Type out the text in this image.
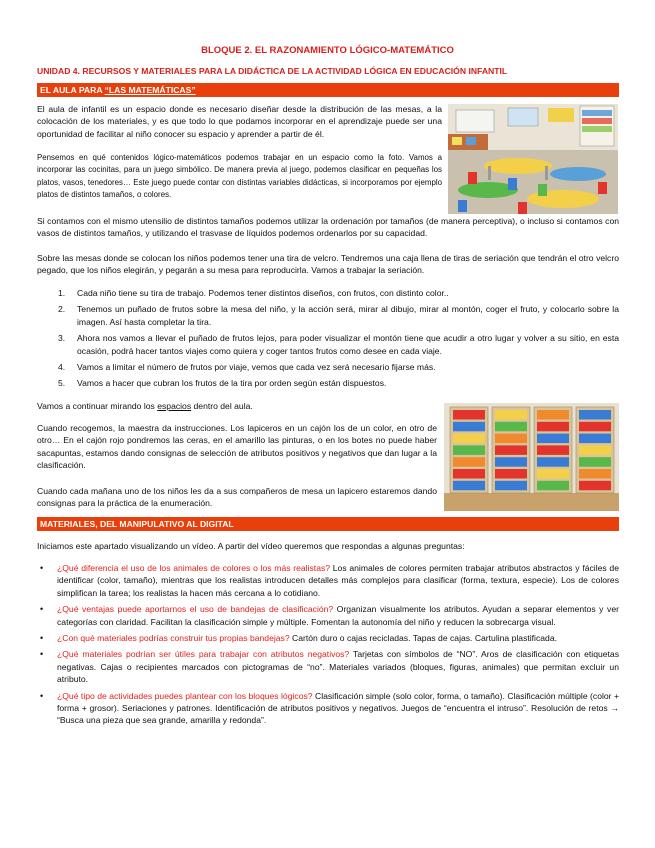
BLOQUE 2. EL RAZONAMIENTO LÓGICO-MATEMÁTICO
UNIDAD 4. RECURSOS Y MATERIALES PARA LA DIDÁCTICA DE LA ACTIVIDAD LÓGICA EN EDUCACIÓN INFANTIL
EL AULA PARA “LAS MATEMÁTICAS”
El aula de infantil es un espacio donde es necesario diseñar desde la distribución de las mesas, a la colocación de los materiales, y es que todo lo que podamos incorporar en el aprendizaje puede ser una oportunidad de facilitar al niño conocer su espacio y aprender a partir de él.
Pensemos en qué contenidos lógico-matemáticos podemos trabajar en un espacio como la foto. Vamos a incorporar las cocinitas, para un juego simbólico. De manera previa al juego, podemos clasificar en pequeñas los platos, vasos, tenedores… Este juego puede contar con distintas variables didácticas, si incorporamos por ejemplo platos de distintos tamaños, o colores.
Si contamos con el mismo utensilio de distintos tamaños podemos utilizar la ordenación por tamaños (de manera perceptiva), o incluso si contamos con vasos de distintos tamaños, y utilizando el trasvase de líquidos podemos ordenarlos por su capacidad.
Sobre las mesas donde se colocan los niños podemos tener una tira de velcro. Tendremos una caja llena de tiras de seriación que tendrán el otro velcro pegado, que los niños elegirán, y pegarán a su mesa para reproducirla. Vamos a trabajar la seriación.
1. Cada niño tiene su tira de trabajo. Podemos tener distintos diseños, con frutos, con distinto color..
2. Tenemos un puñado de frutos sobre la mesa del niño, y la acción será, mirar al dibujo, mirar al montón, coger el fruto, y colocarlo sobre la imagen. Así hasta completar la tira.
3. Ahora nos vamos a llevar el puñado de frutos lejos, para poder visualizar el montón tiene que acudir a otro lugar y volver a su sitio, en esta ocasión, podrá hacer tantos viajes como quiera y coger tantos frutos como desee en cada viaje.
4. Vamos a limitar el número de frutos por viaje, vemos que cada vez será necesario fijarse más.
5. Vamos a hacer que cubran los frutos de la tira por orden según están dispuestos.
Vamos a continuar mirando los espacios dentro del aula.
Cuando recogemos, la maestra da instrucciones. Los lapiceros en un cajón los de un color, en otro de otro… En el cajón rojo pondremos las ceras, en el amarillo las pinturas, o en los botes no puede haber sacapuntas, estamos dando consignas de selección de atributos positivos y negativos que dan lugar a la clasificación.
Cuando cada mañana uno de los niños les da a sus compañeros de mesa un lapicero estaremos dando consignas para la práctica de la enumeración.
MATERIALES, DEL MANIPULATIVO AL DIGITAL
Iniciamos este apartado visualizando un vídeo. A partir del vídeo queremos que respondas a algunas preguntas:
• ¿Qué diferencia el uso de los animales de colores o los más realistas? Los animales de colores permiten trabajar atributos abstractos y fáciles de identificar (color, tamaño), mientras que los realistas introducen detalles más complejos para clasificar (forma, textura, especie). Los de colores simplifican la tarea; los realistas la hacen más cercana a lo cotidiano.
• ¿Qué ventajas puede aportarnos el uso de bandejas de clasificación? Organizan visualmente los atributos. Ayudan a separar elementos y ver categorías con claridad. Facilitan la clasificación simple y múltiple. Fomentan la autonomía del niño y reducen la sobrecarga visual.
• ¿Con qué materiales podrías construir tus propias bandejas? Cartón duro o cajas recicladas. Tapas de cajas. Cartulina plastificada.
• ¿Qué materiales podrían ser útiles para trabajar con atributos negativos? Tarjetas con símbolos de “NO”. Aros de clasificación con etiquetas negativas. Cajas o recipientes marcados con pictogramas de “no”. Materiales variados (bloques, figuras, animales) que permitan excluir un atributo.
• ¿Qué tipo de actividades puedes plantear con los bloques lógicos? Clasificación simple (solo color, forma, o tamaño). Clasificación múltiple (color + forma + grosor). Seriaciones y patrones. Identificación de atributos positivos y negativos. Juegos de “encuentra el intruso”. Resolución de retos → “Busca una pieza que sea grande, amarilla y redonda”.
